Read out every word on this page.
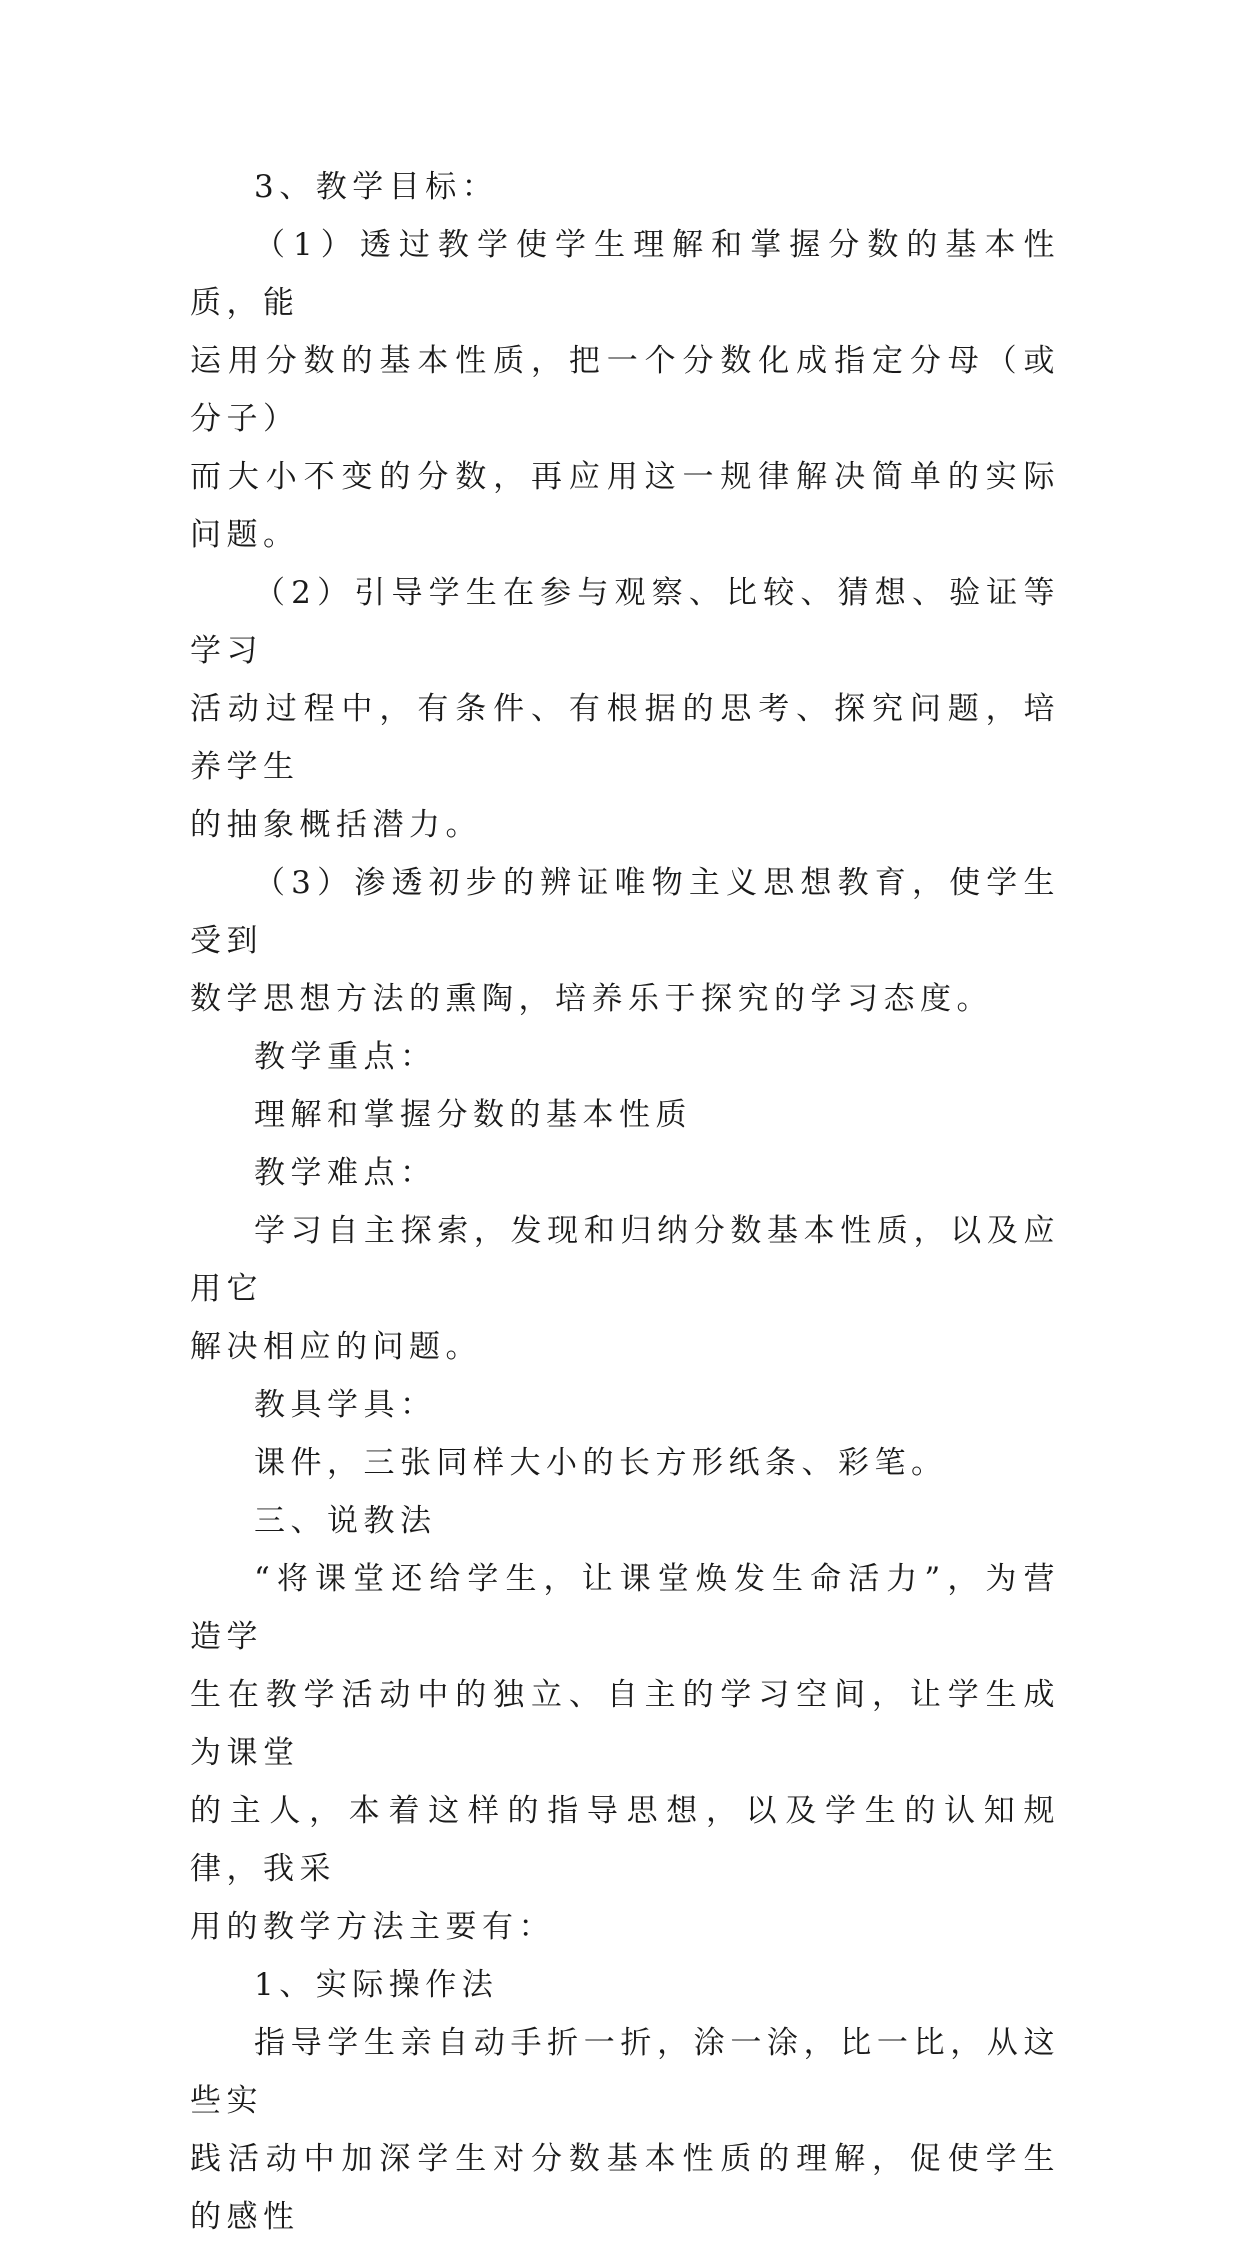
3、教学目标：

（1）透过教学使学生理解和掌握分数的基本性质，能
运用分数的基本性质，把一个分数化成指定分母（或分子）
而大小不变的分数，再应用这一规律解决简单的实际问题。

（2）引导学生在参与观察、比较、猜想、验证等学习
活动过程中，有条件、有根据的思考、探究问题，培养学生
的抽象概括潜力。

（3）渗透初步的辨证唯物主义思想教育，使学生受到
数学思想方法的熏陶，培养乐于探究的学习态度。

教学重点：

理解和掌握分数的基本性质

教学难点：

学习自主探索，发现和归纳分数基本性质，以及应用它
解决相应的问题。

教具学具：

课件，三张同样大小的长方形纸条、彩笔。

三、说教法

“将课堂还给学生，让课堂焕发生命活力”，为营造学
生在教学活动中的独立、自主的学习空间，让学生成为课堂
的主人，本着这样的指导思想，以及学生的认知规律，我采
用的教学方法主要有：

1、实际操作法

指导学生亲自动手折一折，涂一涂，比一比，从这些实
践活动中加深学生对分数基本性质的理解，促使学生的感性
